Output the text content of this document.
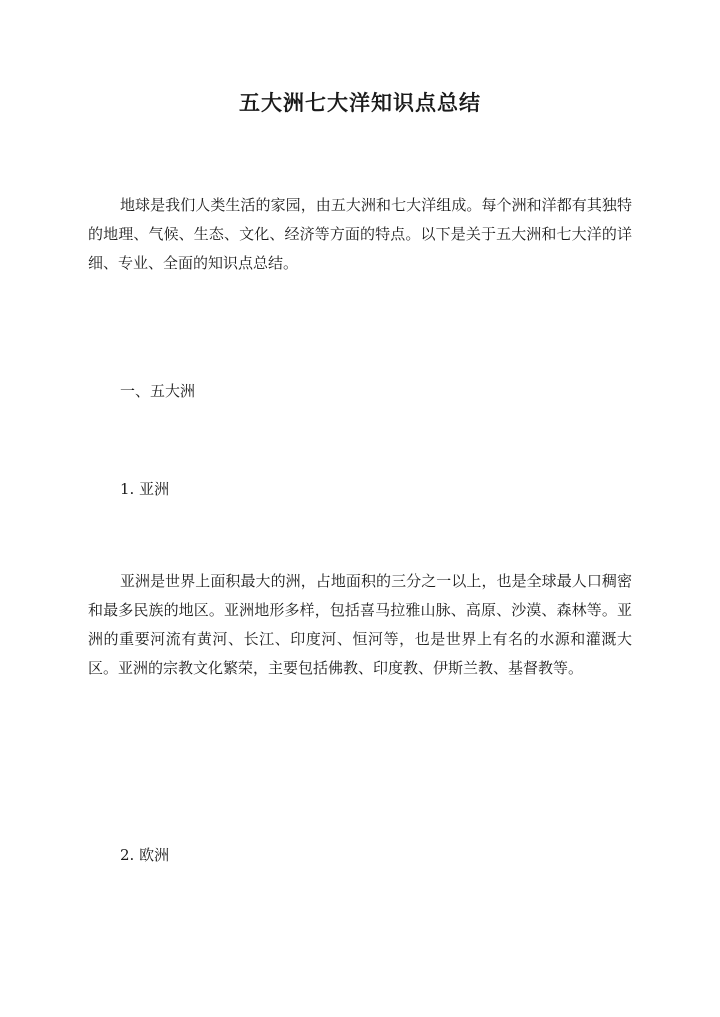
五大洲七大洋知识点总结

地球是我们人类生活的家园，由五大洲和七大洋组成。每个洲和洋都有其独特的地理、气候、生态、文化、经济等方面的特点。以下是关于五大洲和七大洋的详细、专业、全面的知识点总结。

一、五大洲
1. 亚洲

亚洲是世界上面积最大的洲，占地面积的三分之一以上，也是全球最人口稠密和最多民族的地区。亚洲地形多样，包括喜马拉雅山脉、高原、沙漠、森林等。亚洲的重要河流有黄河、长江、印度河、恒河等，也是世界上有名的水源和灌溉大区。亚洲的宗教文化繁荣，主要包括佛教、印度教、伊斯兰教、基督教等。

2. 欧洲
